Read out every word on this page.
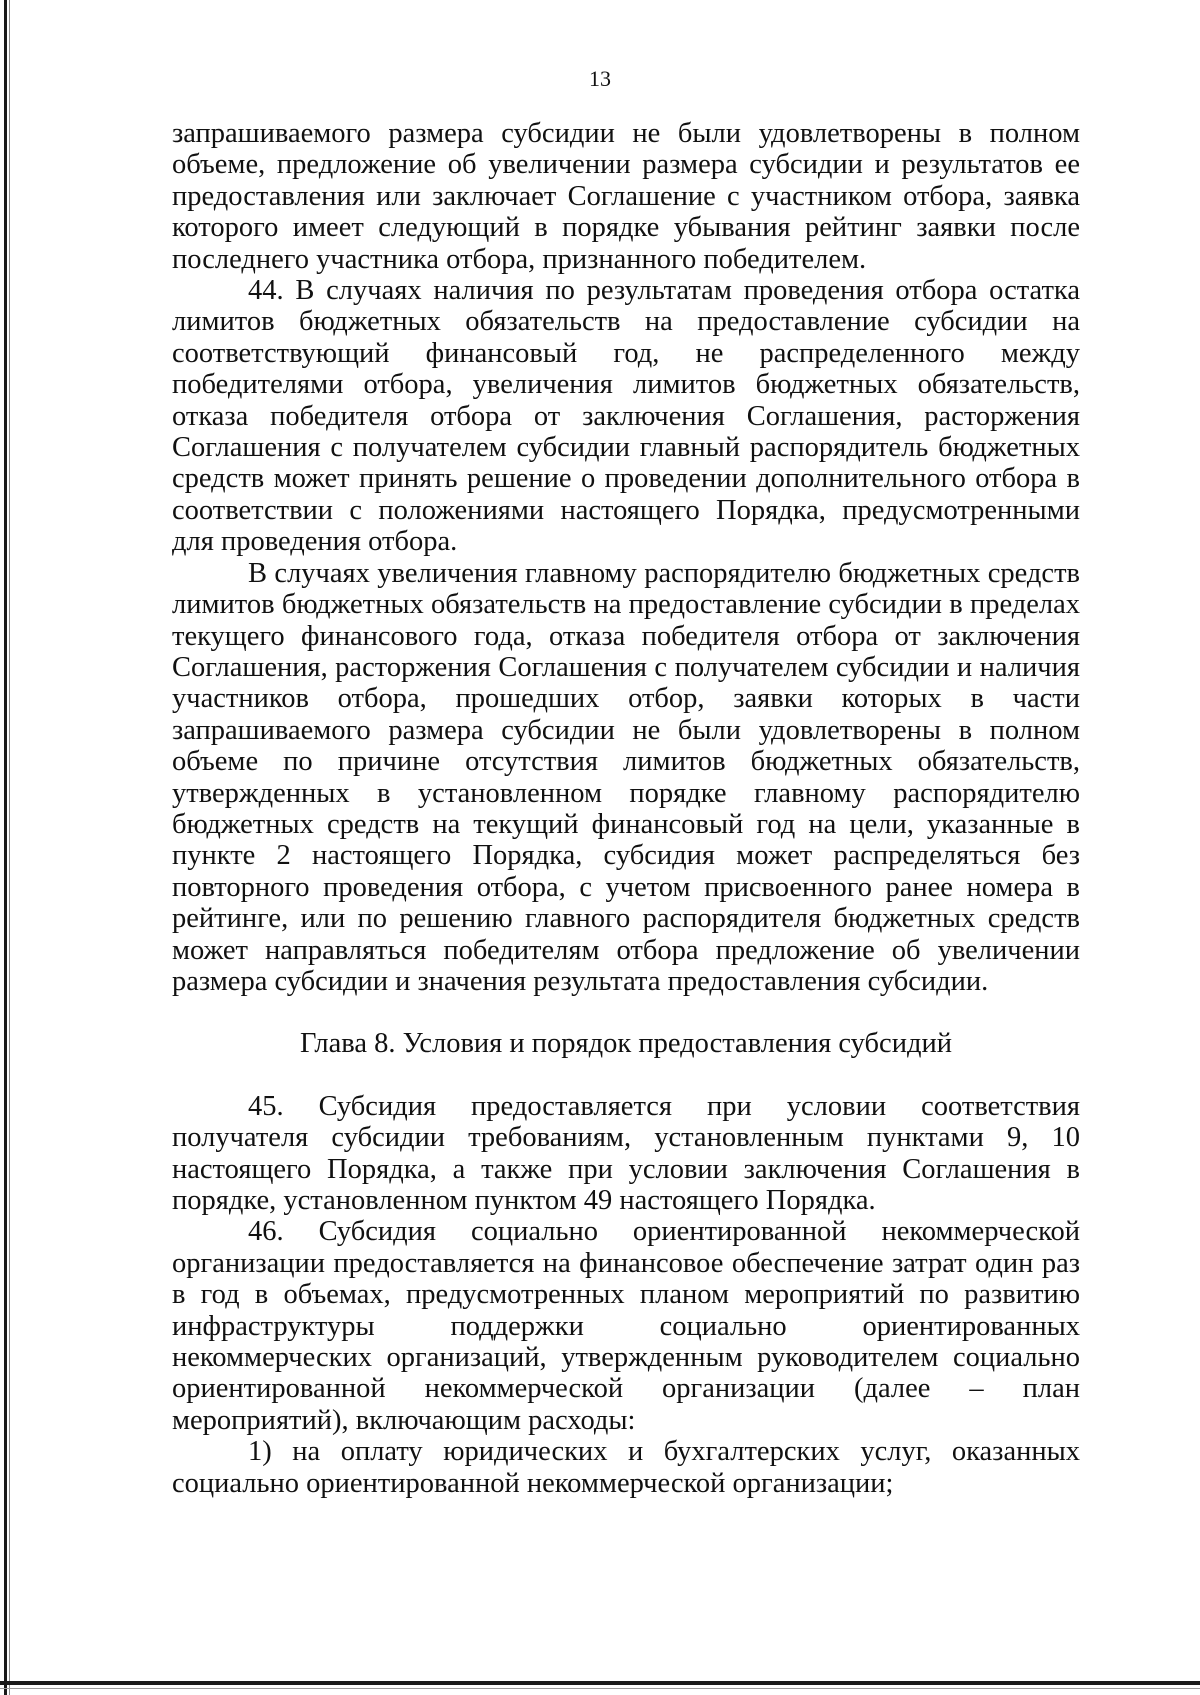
13

запрашиваемого размера субсидии не были удовлетворены в полном объеме, предложение об увеличении размера субсидии и результатов ее предоставления или заключает Соглашение с участником отбора, заявка которого имеет следующий в порядке убывания рейтинг заявки после последнего участника отбора, признанного победителем.

44. В случаях наличия по результатам проведения отбора остатка лимитов бюджетных обязательств на предоставление субсидии на соответствующий финансовый год, не распределенного между победителями отбора, увеличения лимитов бюджетных обязательств, отказа победителя отбора от заключения Соглашения, расторжения Соглашения с получателем субсидии главный распорядитель бюджетных средств может принять решение о проведении дополнительного отбора в соответствии с положениями настоящего Порядка, предусмотренными для проведения отбора.

В случаях увеличения главному распорядителю бюджетных средств лимитов бюджетных обязательств на предоставление субсидии в пределах текущего финансового года, отказа победителя отбора от заключения Соглашения, расторжения Соглашения с получателем субсидии и наличия участников отбора, прошедших отбор, заявки которых в части запрашиваемого размера субсидии не были удовлетворены в полном объеме по причине отсутствия лимитов бюджетных обязательств, утвержденных в установленном порядке главному распорядителю бюджетных средств на текущий финансовый год на цели, указанные в пункте 2 настоящего Порядка, субсидия может распределяться без повторного проведения отбора, с учетом присвоенного ранее номера в рейтинге, или по решению главного распорядителя бюджетных средств может направляться победителям отбора предложение об увеличении размера субсидии и значения результата предоставления субсидии.

Глава 8. Условия и порядок предоставления субсидий

45. Субсидия предоставляется при условии соответствия получателя субсидии требованиям, установленным пунктами 9, 10 настоящего Порядка, а также при условии заключения Соглашения в порядке, установленном пунктом 49 настоящего Порядка.

46. Субсидия социально ориентированной некоммерческой организации предоставляется на финансовое обеспечение затрат один раз в год в объемах, предусмотренных планом мероприятий по развитию инфраструктуры поддержки социально ориентированных некоммерческих организаций, утвержденным руководителем социально ориентированной некоммерческой организации (далее – план мероприятий), включающим расходы:

1) на оплату юридических и бухгалтерских услуг, оказанных социально ориентированной некоммерческой организации;
